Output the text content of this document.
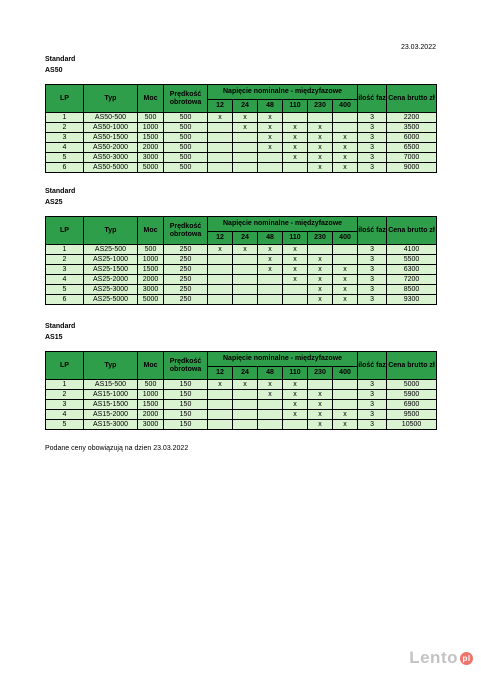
23.03.2022
Standard
AS50
LP	Typ	Moc	Prędkość obrotowa	Napięcie nominalne - międzyfazowe						ilość faz	Cena brutto zł
				12	24	48	110	230	400		
1	AS50-500	500	500	x	x	x				3	2200
2	AS50-1000	1000	500		x	x	x	x		3	3500
3	AS50-1500	1500	500			x	x	x	x	3	6000
4	AS50-2000	2000	500			x	x	x	x	3	6500
5	AS50-3000	3000	500				x	x	x	3	7000
6	AS50-5000	5000	500					x	x	3	9000
Standard
AS25
LP	Typ	Moc	Prędkość obrotowa	Napięcie nominalne - międzyfazowe						ilość faz	Cena brutto zł
				12	24	48	110	230	400		
1	AS25-500	500	250	x	x	x	x			3	4100
2	AS25-1000	1000	250			x	x	x		3	5500
3	AS25-1500	1500	250			x	x	x	x	3	6300
4	AS25-2000	2000	250				x	x	x	3	7200
5	AS25-3000	3000	250					x	x	3	8500
6	AS25-5000	5000	250					x	x	3	9300
Standard
AS15
LP	Typ	Moc	Prędkość obrotowa	Napięcie nominalne - międzyfazowe						ilość faz	Cena brutto zł
				12	24	48	110	230	400		
1	AS15-500	500	150	x	x	x	x			3	5000
2	AS15-1000	1000	150			x	x	x		3	5900
3	AS15-1500	1500	150				x	x		3	6900
4	AS15-2000	2000	150				x	x	x	3	9500
5	AS15-3000	3000	150					x	x	3	10500
Podane ceny obowiązują na dzien 23.03.2022
Lento pl
